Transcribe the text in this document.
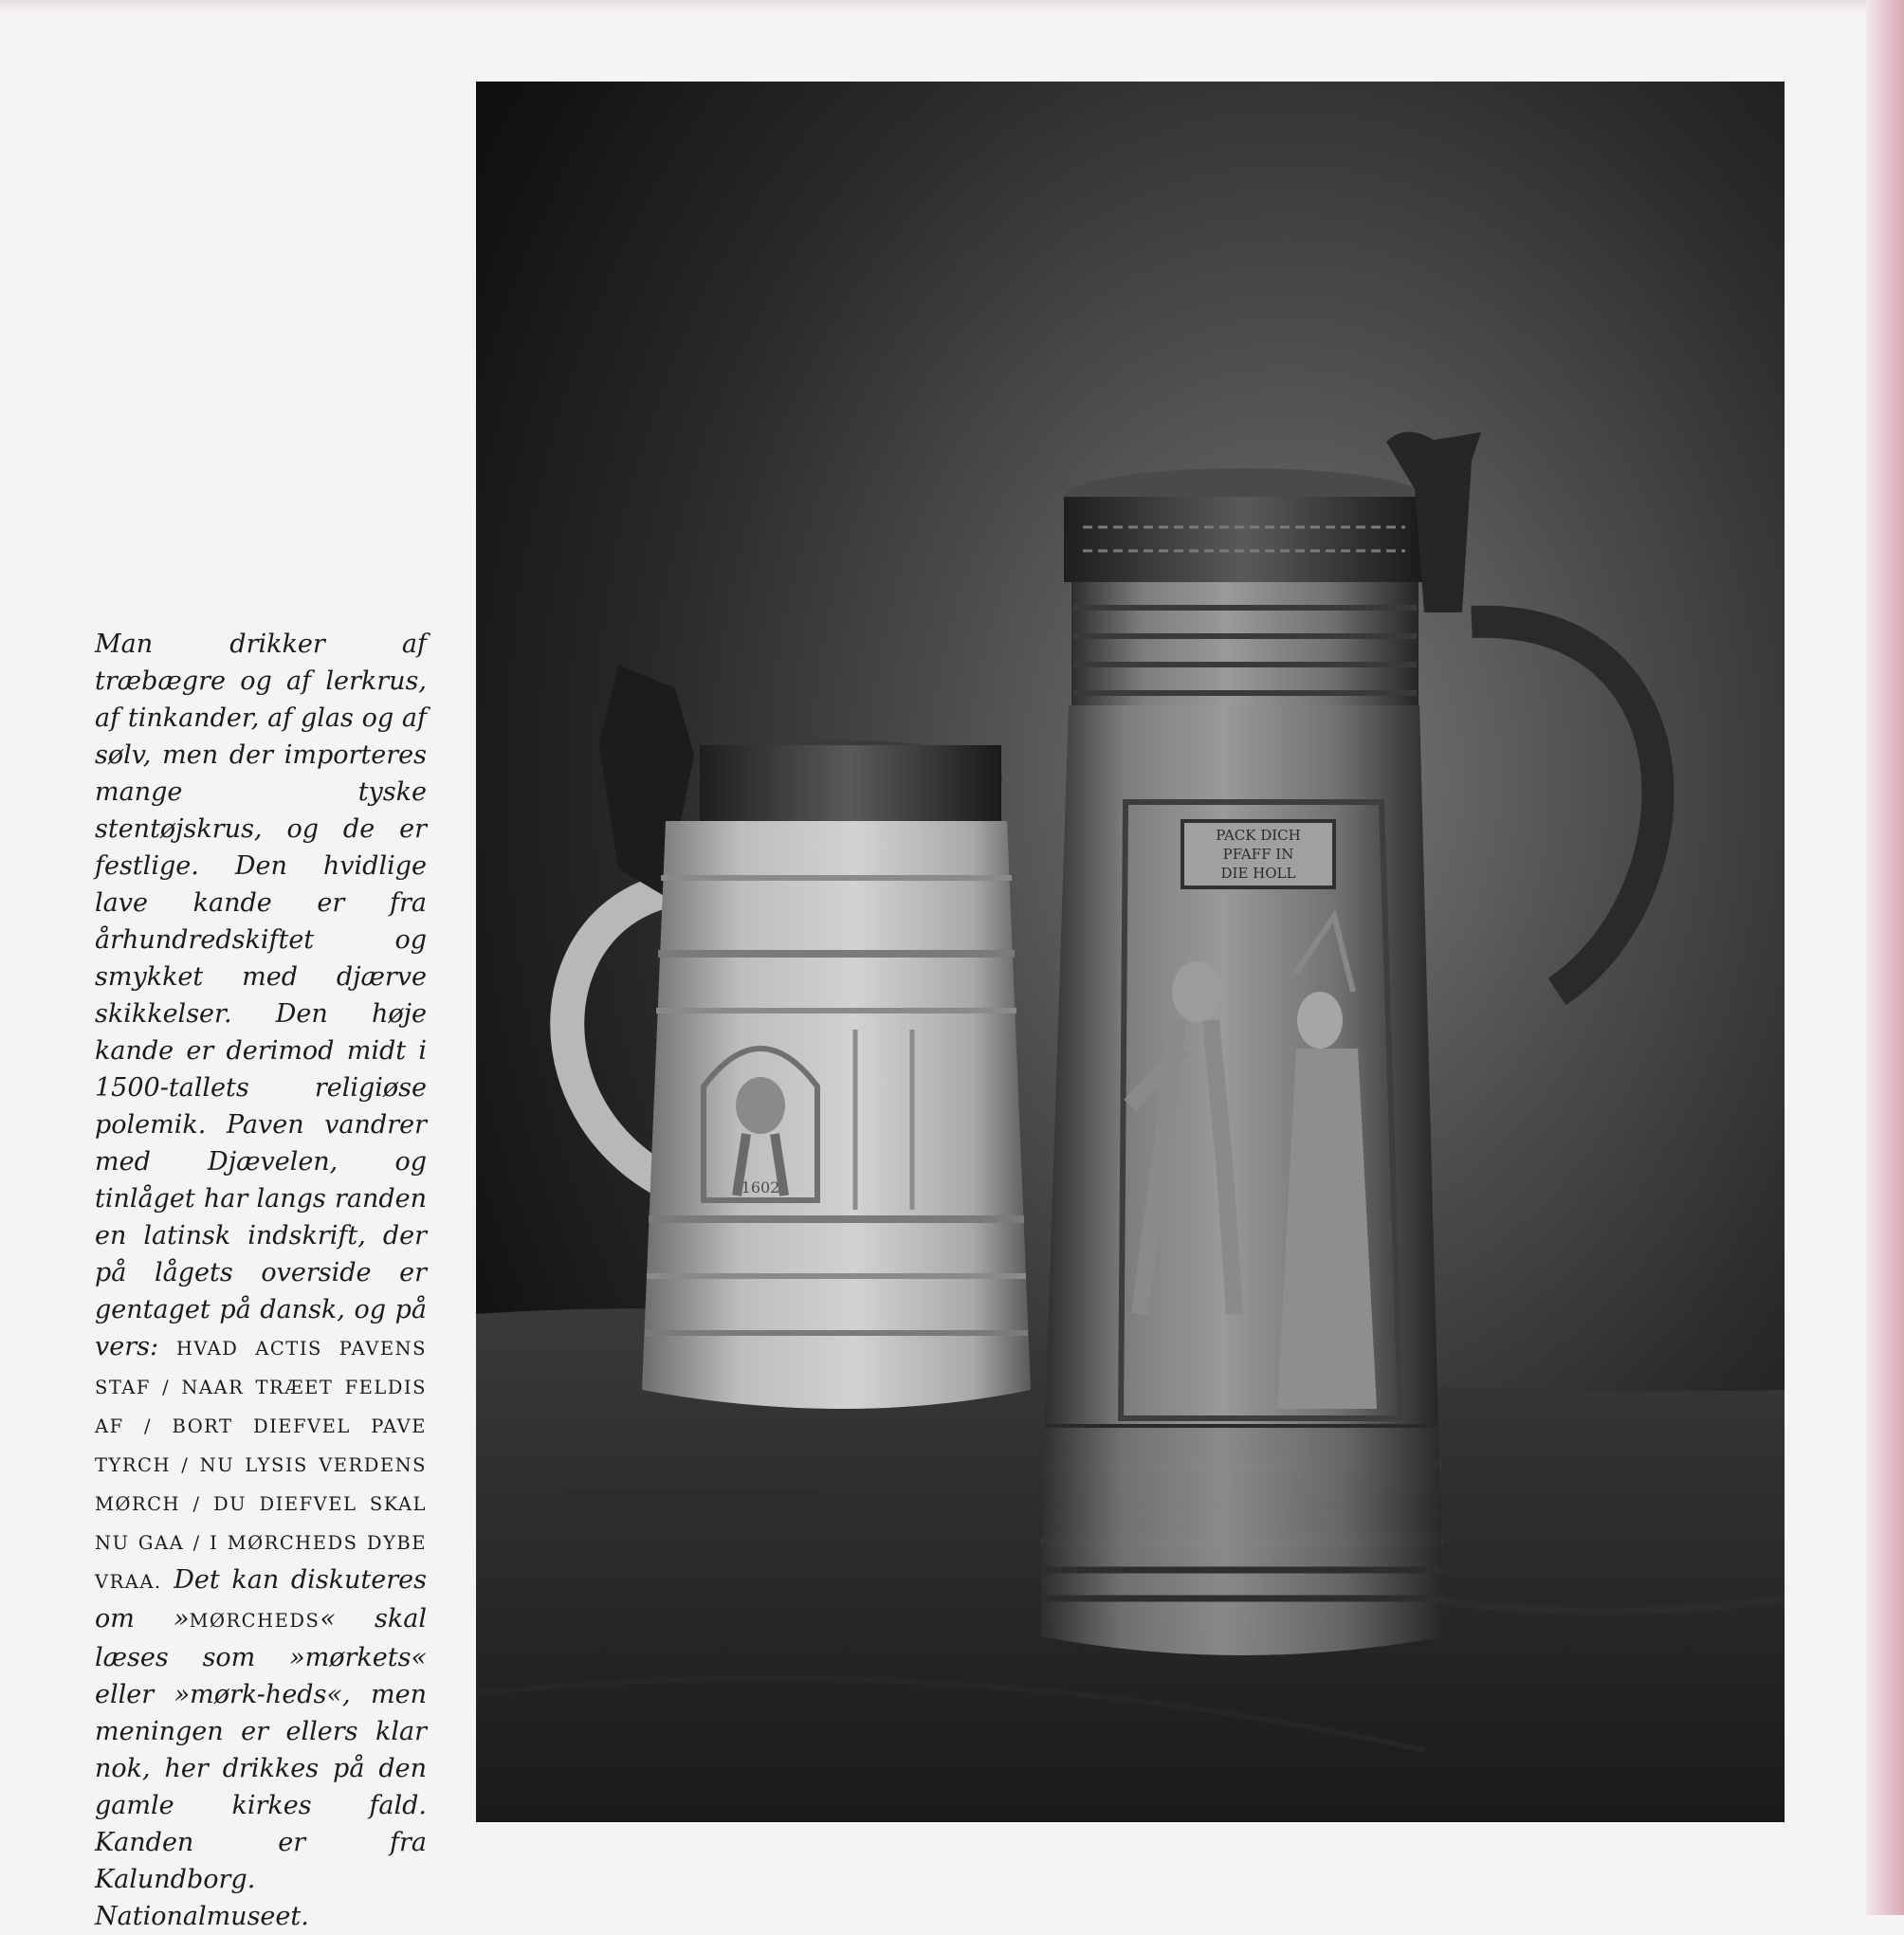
Man drikker af træbægre og af lerkrus, af tinkander, af glas og af sølv, men der importeres mange tyske stentøjskrus, og de er festlige. Den hvidlige lave kande er fra århundredskiftet og smykket med djærve skikkelser. Den høje kande er derimod midt i 1500-tallets religiøse polemik. Paven vandrer med Djævelen, og tinlåget har langs randen en latinsk indskrift, der på lågets overside er gentaget på dansk, og på vers: HVAD ACTIS PAVENS STAF / NAAR TRÆET FELDIS AF / BORT DIEFVEL PAVE TYRCH / NU LYSIS VERDENS MØRCH / DU DIEFVEL SKAL NU GAA / I MØRCHEDS DYBE VRAA. Det kan diskuteres om »MØRCHEDS« skal læses som »mørkets« eller »mørk-heds«, men meningen er ellers klar nok, her drikkes på den gamle kirkes fald. Kanden er fra Kalundborg. Nationalmuseet.
1602
PACK DICH
PFAFF IN
DIE HOLL
